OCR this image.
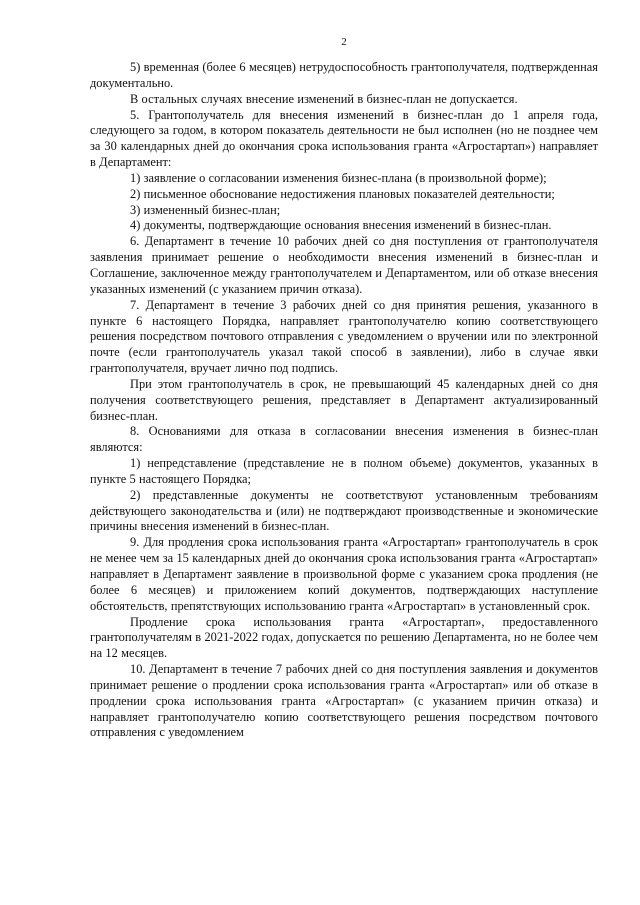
2

5) временная (более 6 месяцев) нетрудоспособность грантополучателя, подтвержденная документально.

В остальных случаях внесение изменений в бизнес-план не допускается.

5. Грантополучатель для внесения изменений в бизнес-план до 1 апреля года, следующего за годом, в котором показатель деятельности не был исполнен (но не позднее чем за 30 календарных дней до окончания срока использования гранта «Агростартап») направляет в Департамент:

1) заявление о согласовании изменения бизнес-плана (в произвольной форме);

2) письменное обоснование недостижения плановых показателей деятельности;

3) измененный бизнес-план;

4) документы, подтверждающие основания внесения изменений в бизнес-план.

6. Департамент в течение 10 рабочих дней со дня поступления от грантополучателя заявления принимает решение о необходимости внесения изменений в бизнес-план и Соглашение, заключенное между грантополучателем и Департаментом, или об отказе внесения указанных изменений (с указанием причин отказа).

7. Департамент в течение 3 рабочих дней со дня принятия решения, указанного в пункте 6 настоящего Порядка, направляет грантополучателю копию соответствующего решения посредством почтового отправления с уведомлением о вручении или по электронной почте (если грантополучатель указал такой способ в заявлении), либо в случае явки грантополучателя, вручает лично под подпись.

При этом грантополучатель в срок, не превышающий 45 календарных дней со дня получения соответствующего решения, представляет в Департамент актуализированный бизнес-план.

8. Основаниями для отказа в согласовании внесения изменения в бизнес-план являются:

1) непредставление (представление не в полном объеме) документов, указанных в пункте 5 настоящего Порядка;

2) представленные документы не соответствуют установленным требованиям действующего законодательства и (или) не подтверждают производственные и экономические причины внесения изменений в бизнес-план.

9. Для продления срока использования гранта «Агростартап» грантополучатель в срок не менее чем за 15 календарных дней до окончания срока использования гранта «Агростартап» направляет в Департамент заявление в произвольной форме с указанием срока продления (не более 6 месяцев) и приложением копий документов, подтверждающих наступление обстоятельств, препятствующих использованию гранта «Агростартап» в установленный срок.

Продление срока использования гранта «Агростартап», предоставленного грантополучателям в 2021-2022 годах, допускается по решению Департамента, но не более чем на 12 месяцев.

10. Департамент в течение 7 рабочих дней со дня поступления заявления и документов принимает решение о продлении срока использования гранта «Агростартап» или об отказе в продлении срока использования гранта «Агростартап» (с указанием причин отказа) и направляет грантополучателю копию соответствующего решения посредством почтового отправления с уведомлением
